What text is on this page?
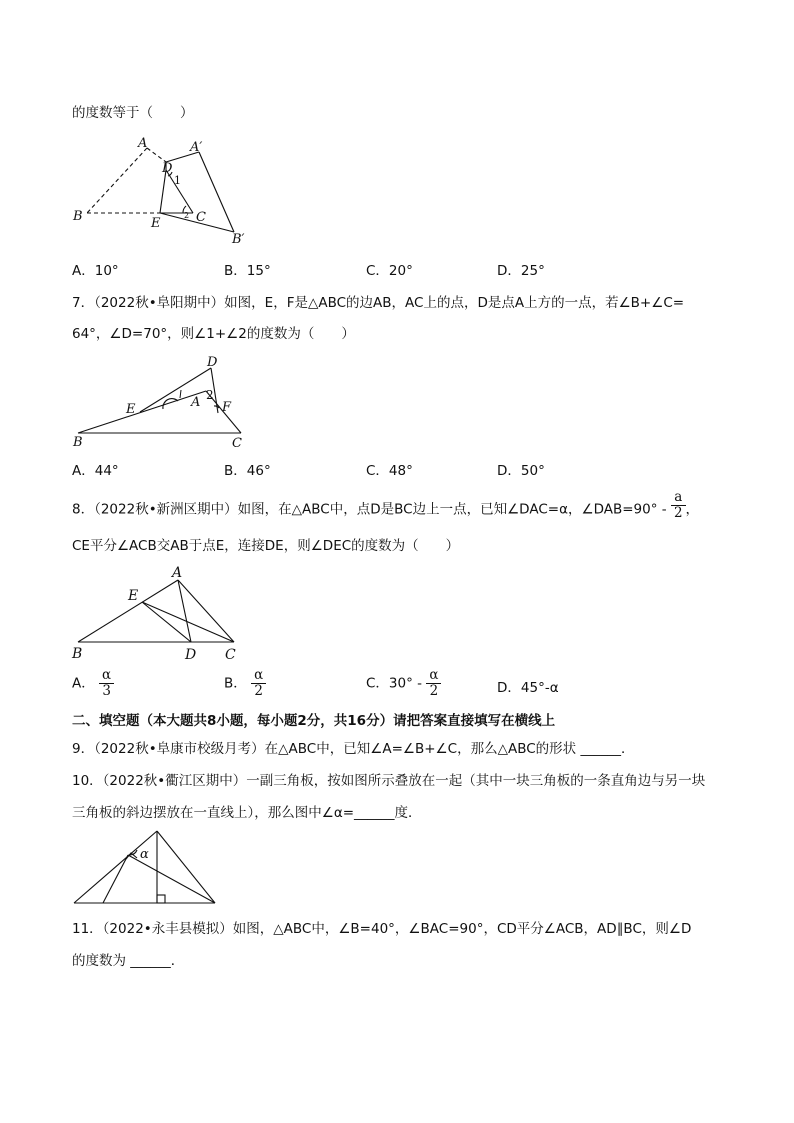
的度数等于（　　）
A	A′
D
1
B	E
2 C
B′
A．10°	B．15°	C．20°	D．25°
7．（2022秋•阜阳期中）如图，E，F是△ABC的边AB，AC上的点，D是点A上方的一点，若∠B+∠C=
64°，∠D=70°，则∠1+∠2的度数为（　　）
D
2
E	A F
B	C
A．44°	B．46°	C．48°	D．50°
8．（2022秋•新洲区期中）如图，在△ABC中，点D是BC边上一点，已知∠DAC=α，∠DAB=90° - $\frac{a}{2}$ ，
CE平分∠ACB交AB于点E，连接DE，则∠DEC的度数为（　　）
A
E
B	D C
A． $\frac{\alpha}{3}$	B． $\frac{\alpha}{2}$	C．$30^\circ - \frac{\alpha}{2}$	D．45°-α
二、填空题（本大题共8小题，每小题2分，共16分）请把答案直接填写在横线上
9．（2022秋•阜康市校级月考）在△ABC中，已知∠A=∠B+∠C，那么△ABC的形状 ______．
10．（2022秋•衢江区期中）一副三角板，按如图所示叠放在一起（其中一块三角板的一条直角边与另一块
三角板的斜边摆放在一直线上），那么图中∠α=______度．
α
11．（2022•永丰县模拟）如图，△ABC中，∠B=40°，∠BAC=90°，CD平分∠ACB，AD∥BC，则∠D
的度数为 ______．
